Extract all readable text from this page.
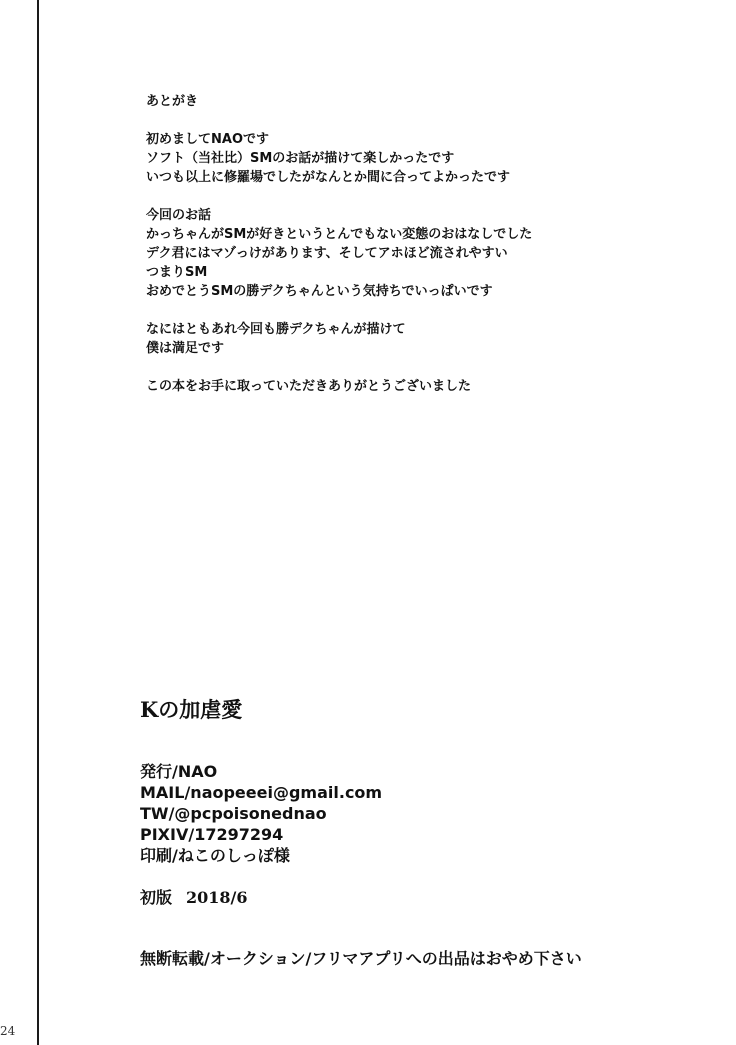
24
あとがき
初めましてNAOです
ソフト（当社比）SMのお話が描けて楽しかったです
いつも以上に修羅場でしたがなんとか間に合ってよかったです
今回のお話
かっちゃんがSMが好きというとんでもない変態のおはなしでした
デク君にはマゾっけがあります、そしてアホほど流されやすい
つまりSM
おめでとうSMの勝デクちゃんという気持ちでいっぱいです
なにはともあれ今回も勝デクちゃんが描けて
僕は満足です
この本をお手に取っていただきありがとうございました
Kの加虐愛
発行/NAO
MAIL/naopeeei@gmail.com
TW/@pcpoisonednao
PIXIV/17297294
印刷/ねこのしっぽ様
初版 2018/6
無断転載/オークション/フリマアプリへの出品はおやめ下さい
